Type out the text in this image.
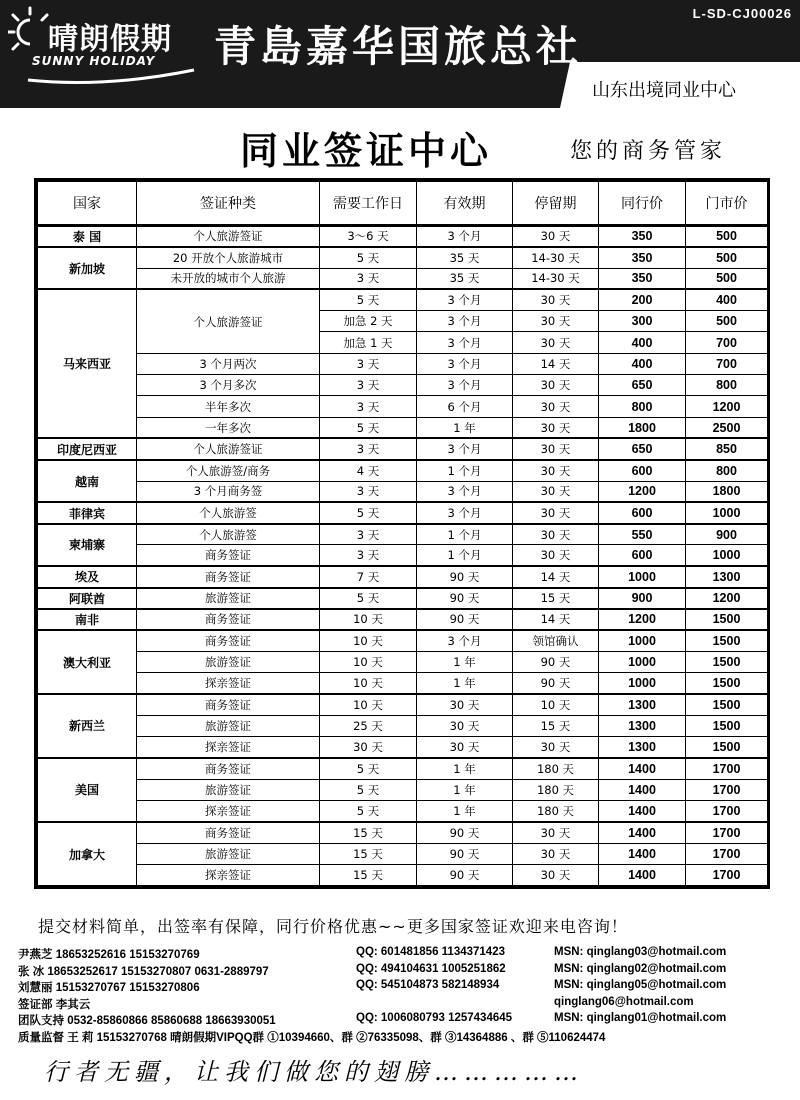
晴朗假期
SUNNY HOLIDAY 青島嘉华国旅总社
L-SD-CJ00026
山东出境同业中心
同业签证中心	您的商务管家
国家	签证种类	需要工作日	有效期	停留期	同行价	门市价
泰 国	个人旅游签证	3～6 天	3 个月	30 天	350	500
新加坡	20 开放个人旅游城市	5 天	35 天	14-30 天	350	500
	未开放的城市个人旅游	3 天	35 天	14-30 天	350	500
马来西亚	个人旅游签证	5 天	3 个月	30 天	200	400
		加急 2 天	3 个月	30 天	300	500
		加急 1 天	3 个月	30 天	400	700
	3 个月两次	3 天	3 个月	14 天	400	700
	3 个月多次	3 天	3 个月	30 天	650	800
	半年多次	3 天	6 个月	30 天	800	1200
	一年多次	5 天	1 年	30 天	1800	2500
印度尼西亚	个人旅游签证	3 天	3 个月	30 天	650	850
越南	个人旅游签/商务	4 天	1 个月	30 天	600	800
	3 个月商务签	3 天	3 个月	30 天	1200	1800
菲律宾	个人旅游签	5 天	3 个月	30 天	600	1000
柬埔寨	个人旅游签	3 天	1 个月	30 天	550	900
	商务签证	3 天	1 个月	30 天	600	1000
埃及	商务签证	7 天	90 天	14 天	1000	1300
阿联酋	旅游签证	5 天	90 天	15 天	900	1200
南非	商务签证	10 天	90 天	14 天	1200	1500
澳大利亚	商务签证	10 天	3 个月	领馆确认	1000	1500
	旅游签证	10 天	1 年	90 天	1000	1500
	探亲签证	10 天	1 年	90 天	1000	1500
新西兰	商务签证	10 天	30 天	10 天	1300	1500
	旅游签证	25 天	30 天	15 天	1300	1500
	探亲签证	30 天	30 天	30 天	1300	1500
美国	商务签证	5 天	1 年	180 天	1400	1700
	旅游签证	5 天	1 年	180 天	1400	1700
	探亲签证	5 天	1 年	180 天	1400	1700
加拿大	商务签证	15 天	90 天	30 天	1400	1700
	旅游签证	15 天	90 天	30 天	1400	1700
	探亲签证	15 天	90 天	30 天	1400	1700
提交材料简单，出签率有保障，同行价格优惠~~更多国家签证欢迎来电咨询！
尹燕芝 18653252616 15153270769	QQ: 601481856 1134371423	MSN: qinglang03@hotmail.com
张 冰 18653252617 15153270807 0631-2889797	QQ: 494104631 1005251862	MSN: qinglang02@hotmail.com
刘慧丽 15153270767 15153270806	QQ: 545104873 582148934	MSN: qinglang05@hotmail.com
签证部 李其云	qinglang06@hotmail.com
团队支持 0532-85860866 85860688 18663930051	QQ: 1006080793 1257434645	MSN: qinglang01@hotmail.com
质量监督 王 莉 15153270768 晴朗假期VIPQQ群 ①10394660、群 ②76335098、群 ③14364886 、群 ⑤110624474
行者无疆，让我们做您的翅膀……………
